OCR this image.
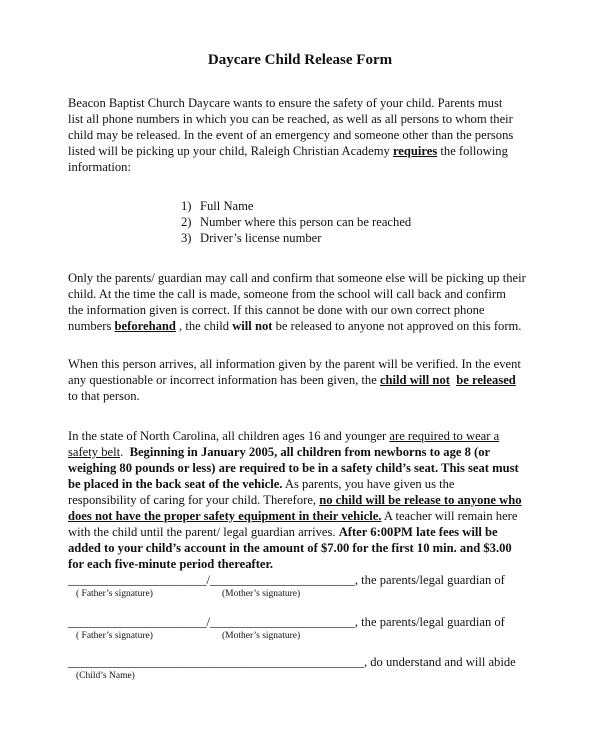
Daycare Child Release Form
Beacon Baptist Church Daycare wants to ensure the safety of your child. Parents must
list all phone numbers in which you can be reached, as well as all persons to whom their
child may be released. In the event of an emergency and someone other than the persons
listed will be picking up your child, Raleigh Christian Academy requires the following
information:
1) Full Name
2) Number where this person can be reached
3) Driver’s license number
Only the parents/ guardian may call and confirm that someone else will be picking up their
child. At the time the call is made, someone from the school will call back and confirm
the information given is correct. If this cannot be done with our own correct phone
numbers beforehand , the child will not be released to anyone not approved on this form.
When this person arrives, all information given by the parent will be verified. In the event
any questionable or incorrect information has been given, the child will not be released
to that person.
In the state of North Carolina, all children ages 16 and younger are required to wear a
safety belt.  Beginning in January 2005, all children from newborns to age 8 (or
weighing 80 pounds or less) are required to be in a safety child’s seat. This seat must
be placed in the back seat of the vehicle. As parents, you have given us the
responsibility of caring for your child. Therefore, no child will be release to anyone who
does not have the proper safety equipment in their vehicle. A teacher will remain here
with the child until the parent/ legal guardian arrives. After 6:00PM late fees will be
added to your child’s account in the amount of $7.00 for the first 10 min. and $3.00
for each five-minute period thereafter.
______________________/_______________________, the parents/legal guardian of
( Father’s signature)	(Mother’s signature)
______________________/_______________________, the parents/legal guardian of
( Father’s signature)	(Mother’s signature)
_______________________________________________, do understand and will abide
(Child’s Name)
